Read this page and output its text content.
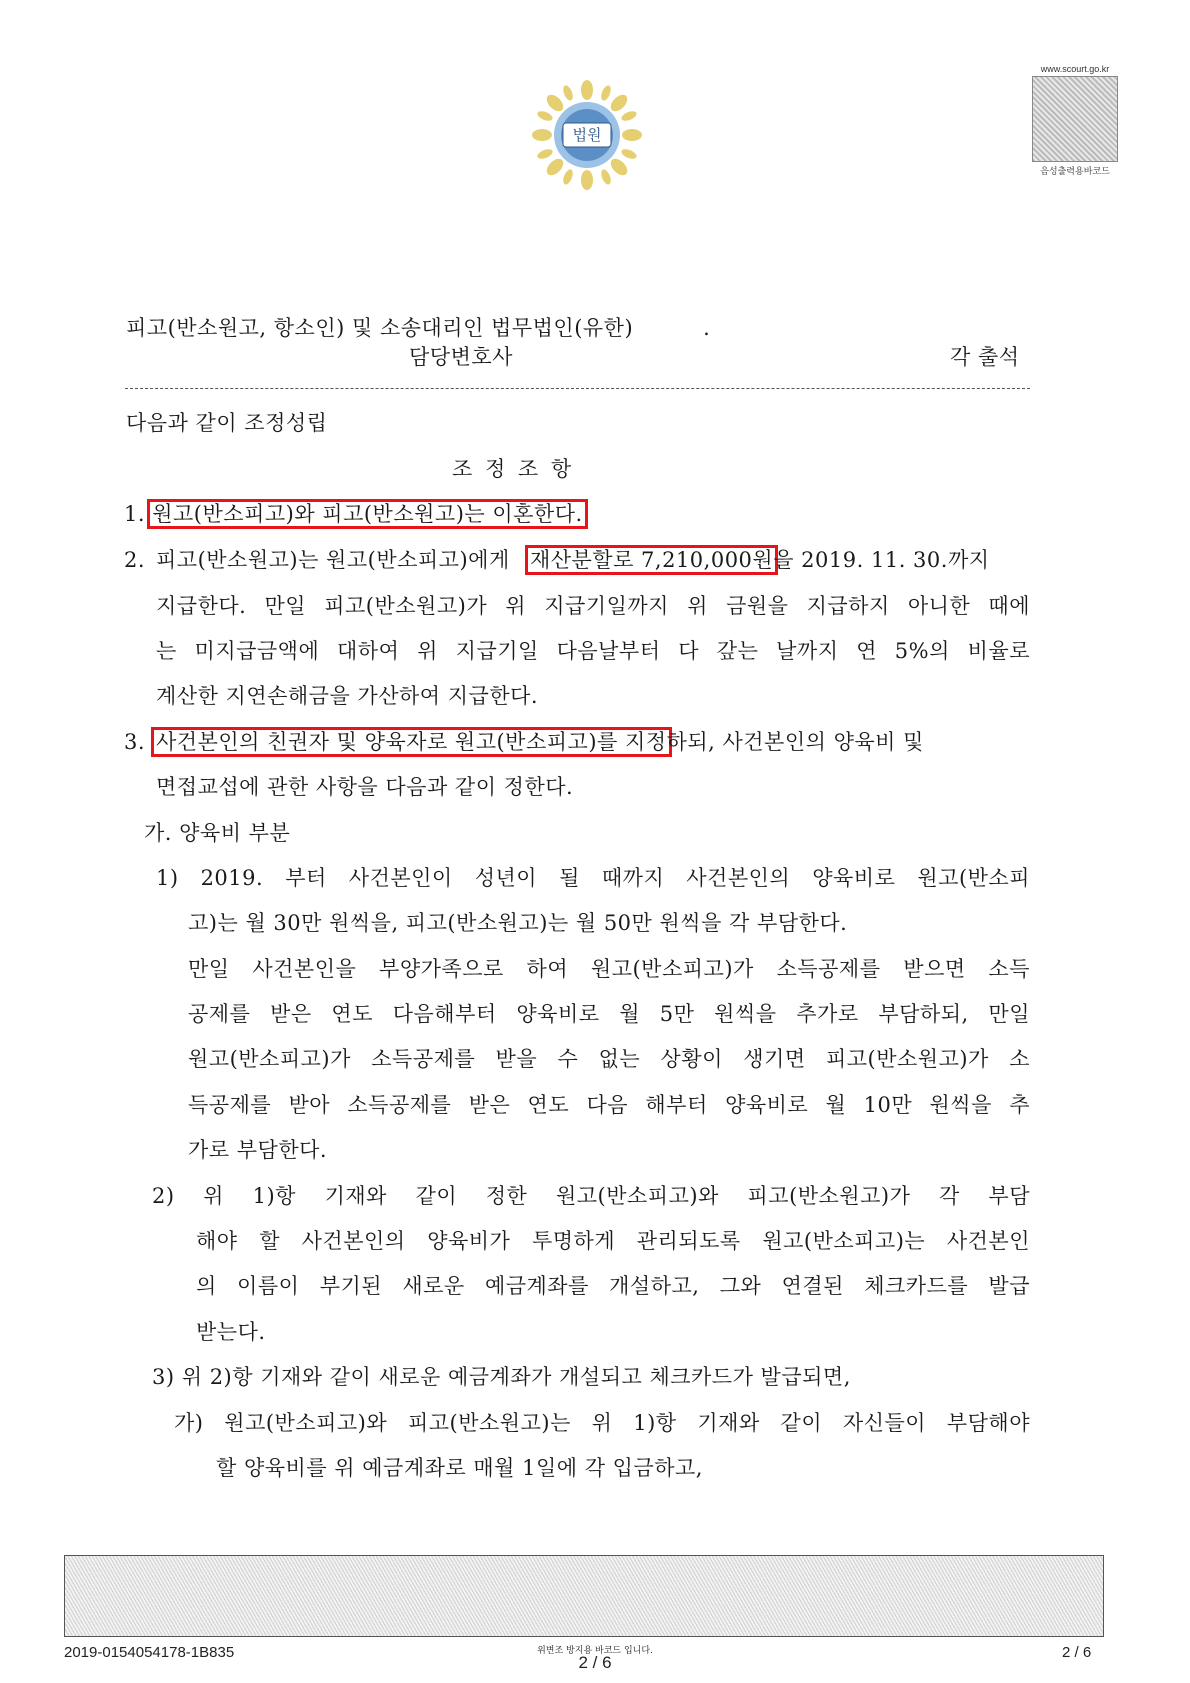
법원
www.scourt.go.kr
음성출력용바코드
피고(반소원고, 항소인) 및 소송대리인 법무법인(유한)	.
담당변호사	각 출석
다음과 같이 조정성립
조 정 조 항
1. 원고(반소피고)와 피고(반소원고)는 이혼한다.
2. 피고(반소원고)는 원고(반소피고)에게 재산분할로 7,210,000원을 2019. 11. 30.까지
지급한다. 만일 피고(반소원고)가 위 지급기일까지 위 금원을 지급하지 아니한 때에
는 미지급금액에 대하여 위 지급기일 다음날부터 다 갚는 날까지 연 5%의 비율로
계산한 지연손해금을 가산하여 지급한다.
3. 사건본인의 친권자 및 양육자로 원고(반소피고)를 지정하되, 사건본인의 양육비 및
면접교섭에 관한 사항을 다음과 같이 정한다.
가. 양육비 부분
1) 2019. 부터 사건본인이 성년이 될 때까지 사건본인의 양육비로 원고(반소피
고)는 월 30만 원씩을, 피고(반소원고)는 월 50만 원씩을 각 부담한다.
만일 사건본인을 부양가족으로 하여 원고(반소피고)가 소득공제를 받으면 소득
공제를 받은 연도 다음해부터 양육비로 월 5만 원씩을 추가로 부담하되, 만일
원고(반소피고)가 소득공제를 받을 수 없는 상황이 생기면 피고(반소원고)가 소
득공제를 받아 소득공제를 받은 연도 다음 해부터 양육비로 월 10만 원씩을 추
가로 부담한다.
2) 위 1)항 기재와 같이 정한 원고(반소피고)와 피고(반소원고)가 각 부담
해야 할 사건본인의 양육비가 투명하게 관리되도록 원고(반소피고)는 사건본인
의 이름이 부기된 새로운 예금계좌를 개설하고, 그와 연결된 체크카드를 발급
받는다.
3) 위 2)항 기재와 같이 새로운 예금계좌가 개설되고 체크카드가 발급되면,
가) 원고(반소피고)와 피고(반소원고)는 위 1)항 기재와 같이 자신들이 부담해야
할 양육비를 위 예금계좌로 매월 1일에 각 입금하고,
2019-0154054178-1B835	위변조 방지용 바코드 입니다.
2 / 6
2 / 6
